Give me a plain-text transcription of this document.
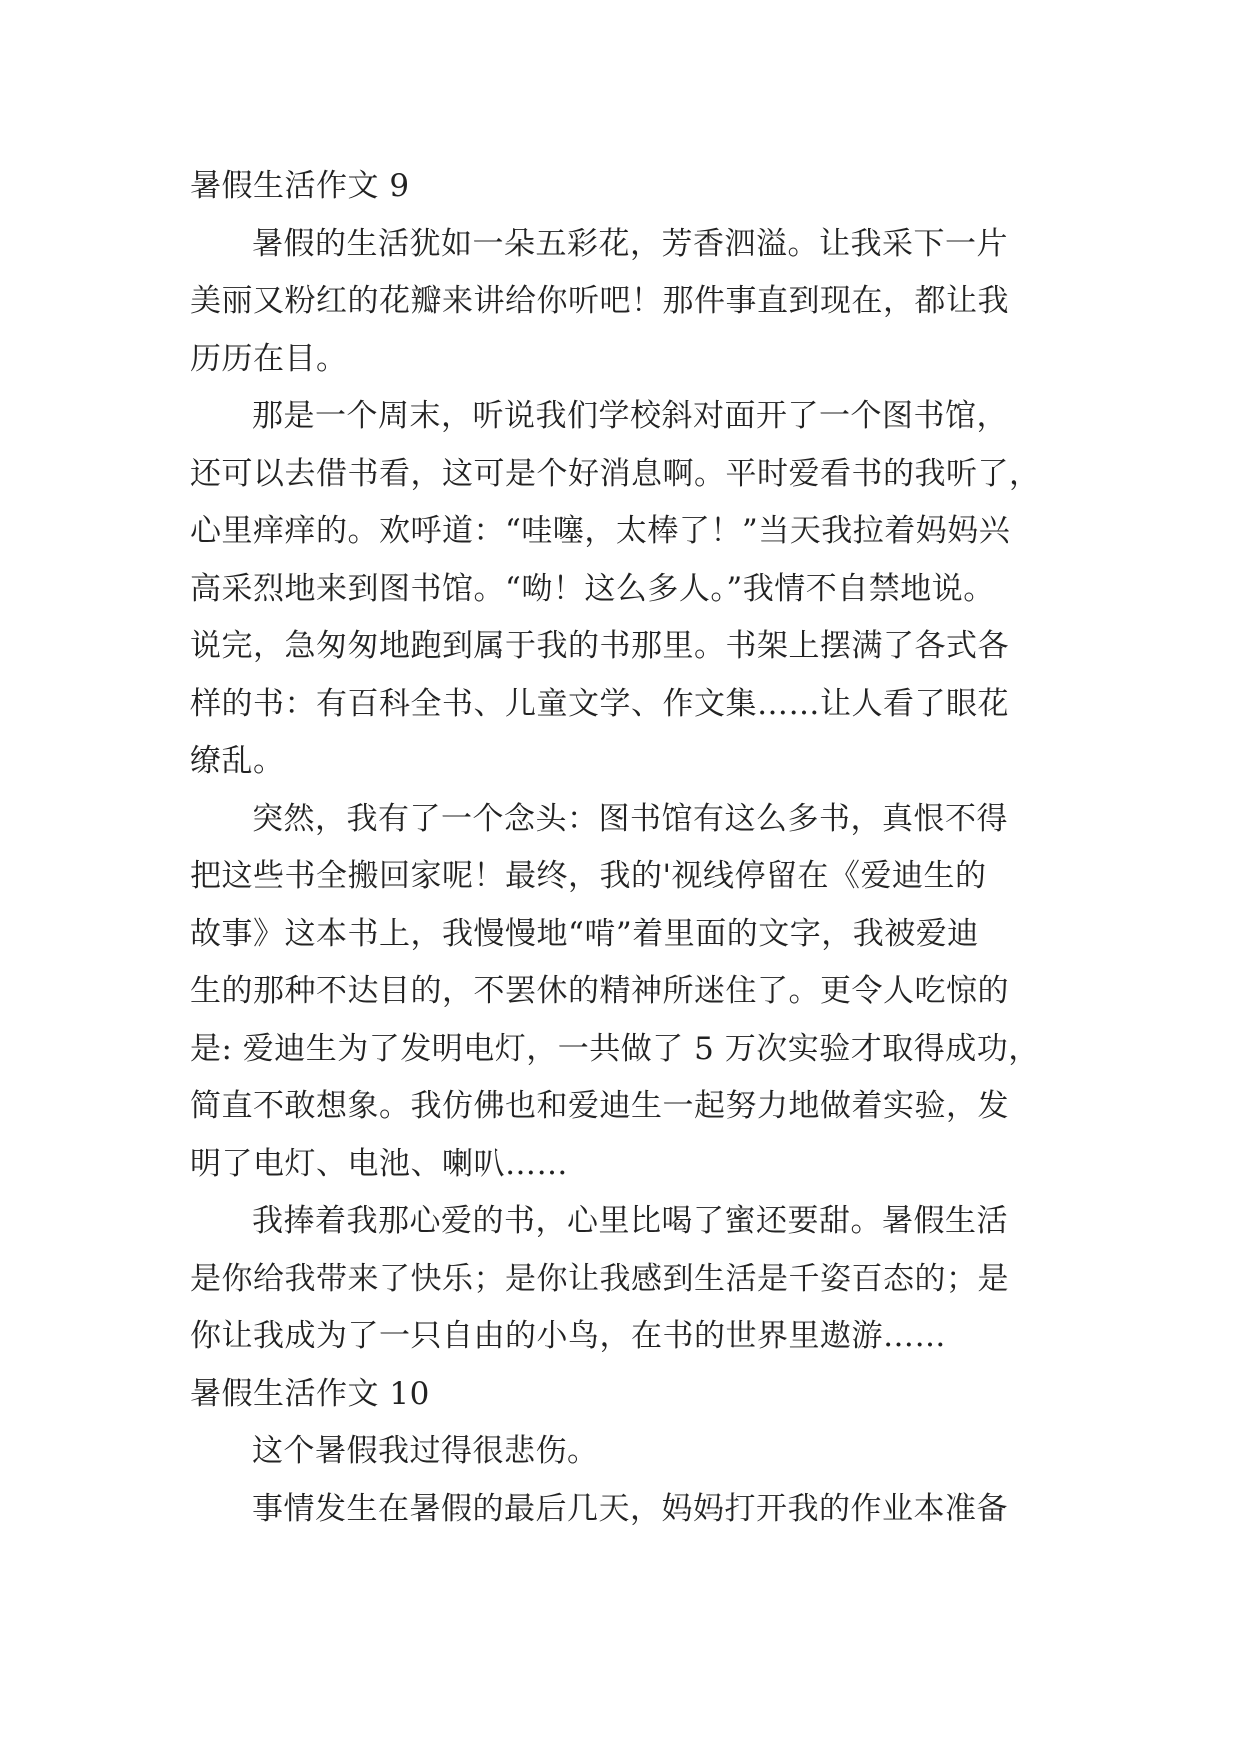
暑假生活作文 9

暑假的生活犹如一朵五彩花，芳香泗溢。让我采下一片
美丽又粉红的花瓣来讲给你听吧！那件事直到现在，都让我
历历在目。

那是一个周末，听说我们学校斜对面开了一个图书馆，
还可以去借书看，这可是个好消息啊。平时爱看书的我听了，
心里痒痒的。欢呼道：“哇噻，太棒了！”当天我拉着妈妈兴
高采烈地来到图书馆。“呦！这么多人。”我情不自禁地说。
说完，急匆匆地跑到属于我的书那里。书架上摆满了各式各
样的书：有百科全书、儿童文学、作文集……让人看了眼花
缭乱。

突然，我有了一个念头：图书馆有这么多书，真恨不得
把这些书全搬回家呢！最终，我的'视线停留在《爱迪生的
故事》这本书上，我慢慢地“啃”着里面的文字，我被爱迪
生的那种不达目的，不罢休的精神所迷住了。更令人吃惊的
是: 爱迪生为了发明电灯，一共做了 5 万次实验才取得成功，
简直不敢想象。我仿佛也和爱迪生一起努力地做着实验，发
明了电灯、电池、喇叭……

我捧着我那心爱的书，心里比喝了蜜还要甜。暑假生活
是你给我带来了快乐；是你让我感到生活是千姿百态的；是
你让我成为了一只自由的小鸟，在书的世界里遨游……

暑假生活作文 10

这个暑假我过得很悲伤。

事情发生在暑假的最后几天，妈妈打开我的作业本准备
